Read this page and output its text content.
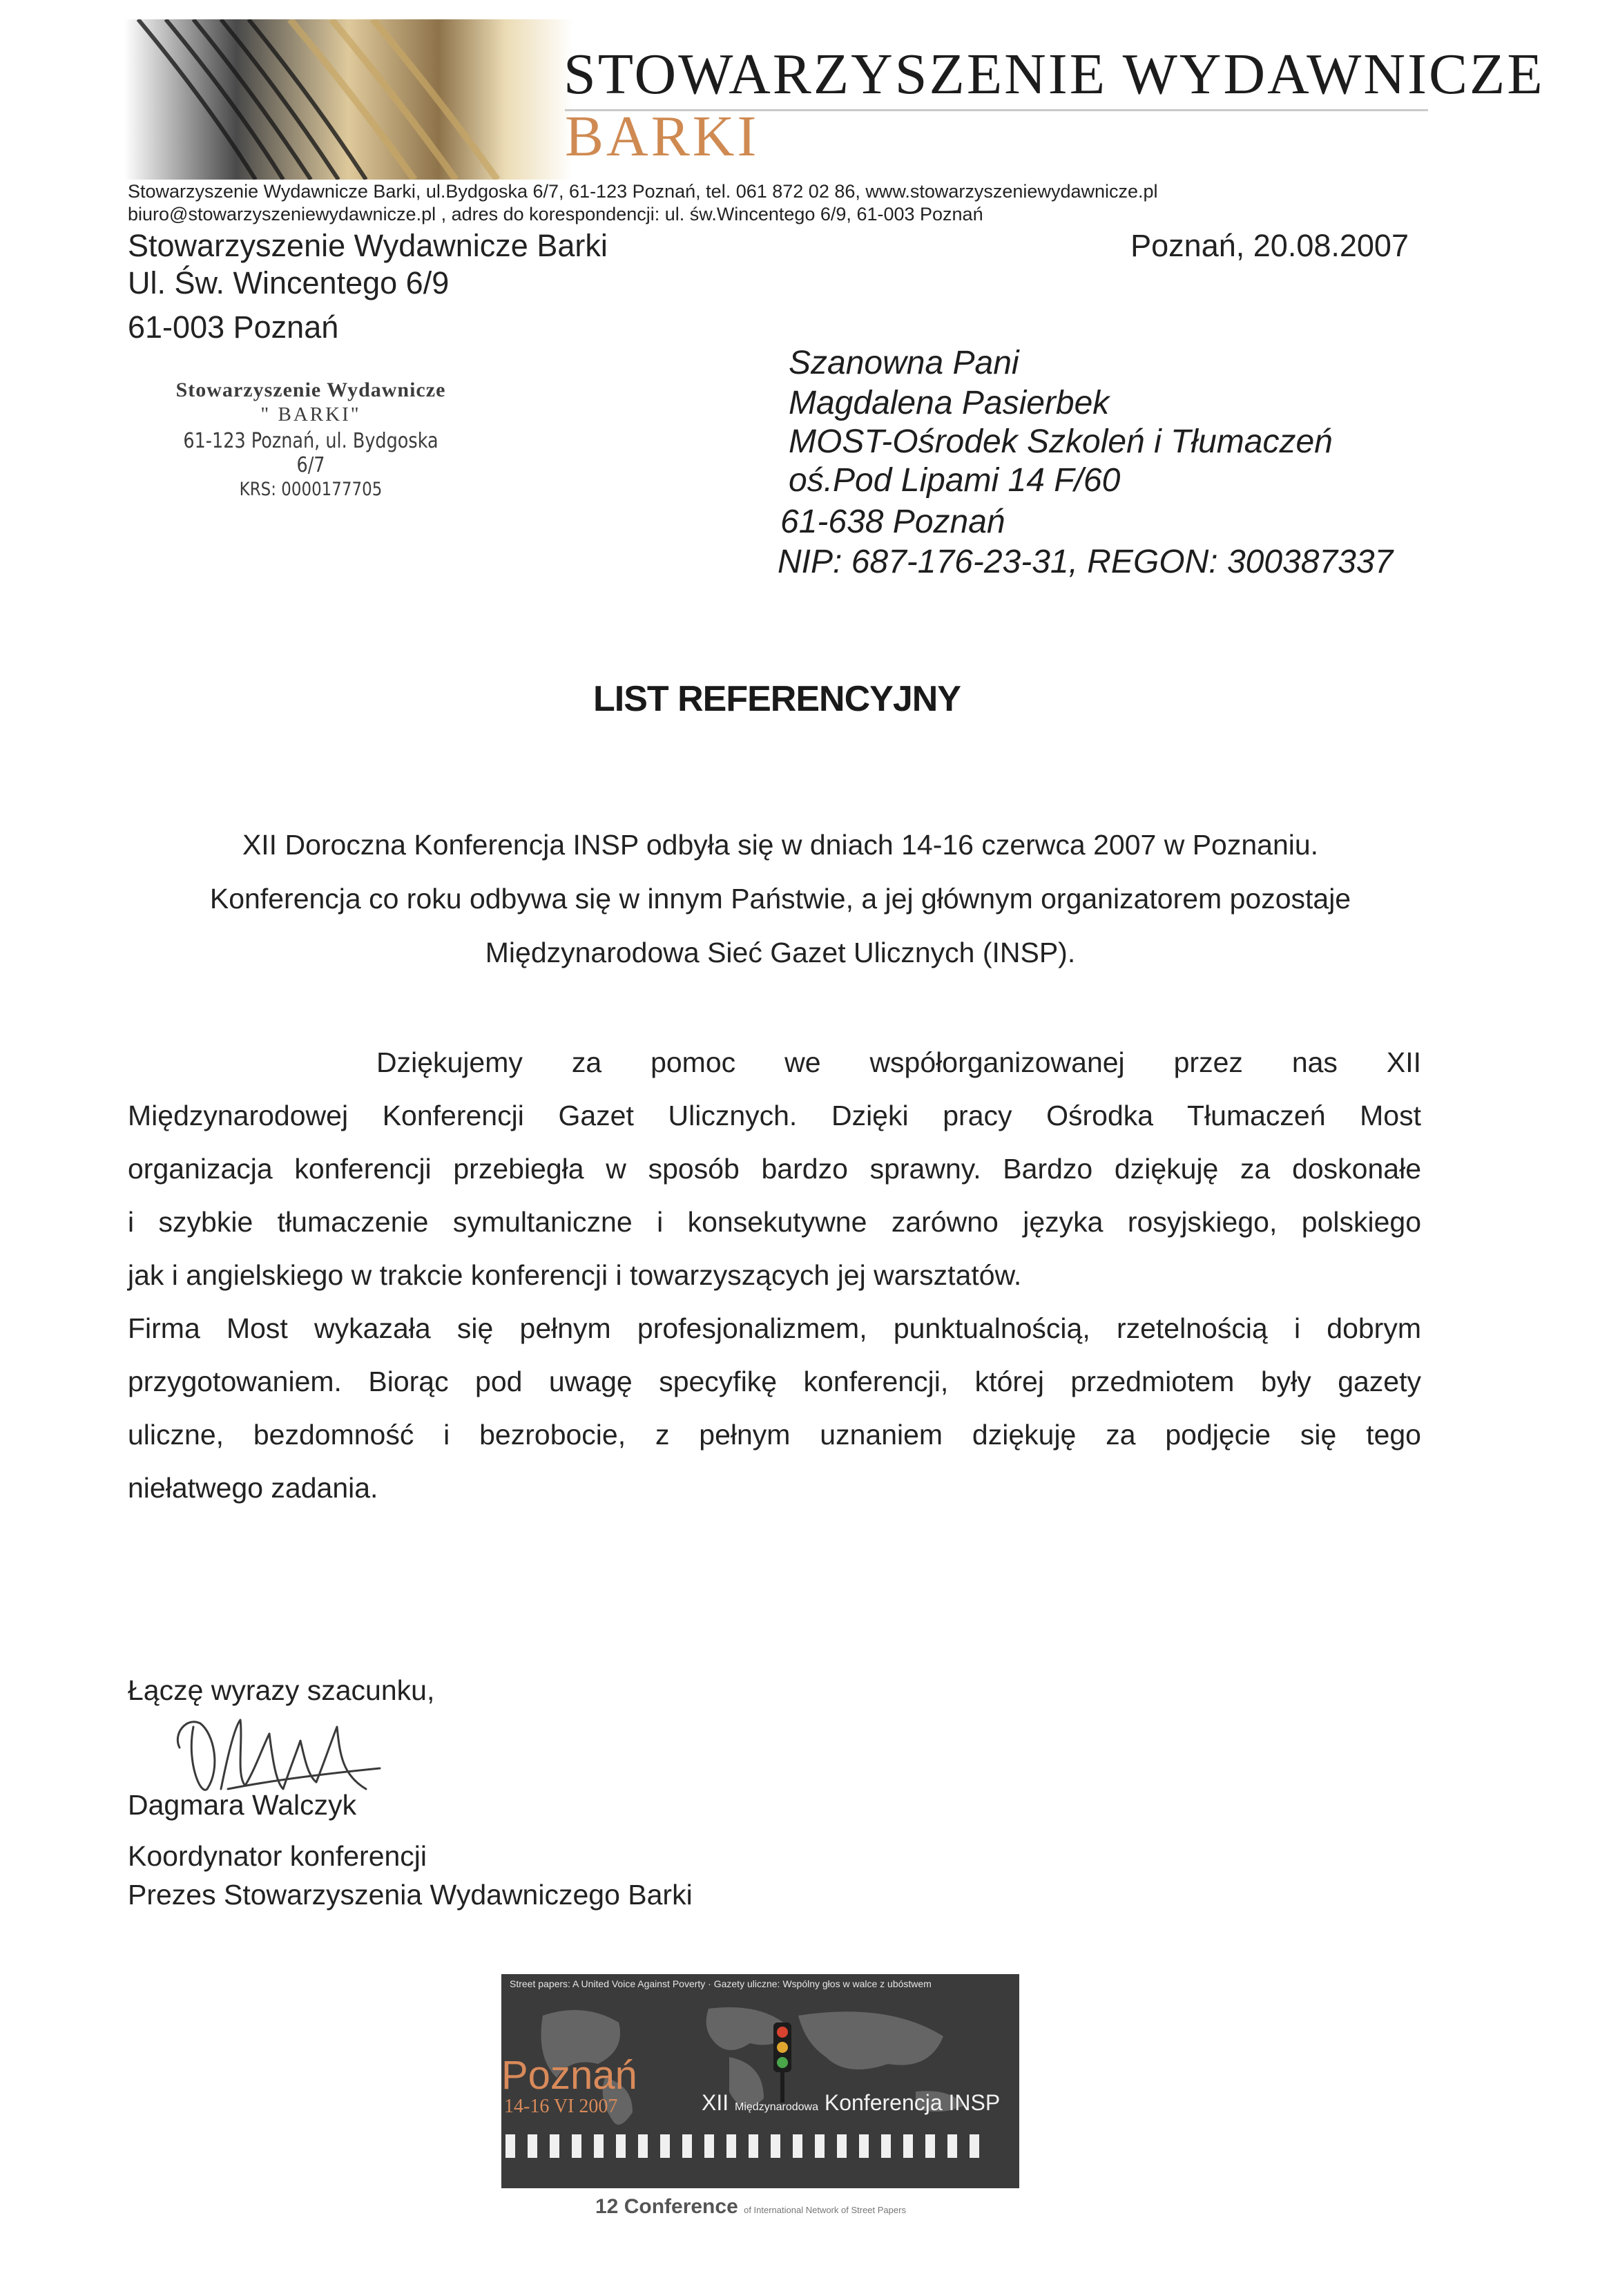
STOWARZYSZENIE WYDAWNICZE
BARKI
Stowarzyszenie Wydawnicze Barki, ul.Bydgoska 6/7, 61-123 Poznań, tel. 061 872 02 86, www.stowarzyszeniewydawnicze.pl
biuro@stowarzyszeniewydawnicze.pl , adres do korespondencji: ul. św.Wincentego 6/9, 61-003 Poznań
Stowarzyszenie Wydawnicze Barki
Ul. Św. Wincentego 6/9
61-003 Poznań
Poznań, 20.08.2007
Stowarzyszenie Wydawnicze
" BARKI"
61-123 Poznań, ul. Bydgoska 6/7
KRS: 0000177705
Szanowna Pani
Magdalena Pasierbek
MOST-Ośrodek Szkoleń i Tłumaczeń
oś.Pod Lipami 14 F/60
61-638 Poznań
NIP: 687-176-23-31, REGON: 300387337
LIST REFERENCYJNY
XII Doroczna Konferencja INSP odbyła się w dniach 14-16 czerwca 2007 w Poznaniu.
Konferencja co roku odbywa się w innym Państwie, a jej głównym organizatorem pozostaje
Międzynarodowa Sieć Gazet Ulicznych (INSP).
Dziękujemy za pomoc we współorganizowanej przez nas XII
Międzynarodowej Konferencji Gazet Ulicznych. Dzięki pracy Ośrodka Tłumaczeń Most
organizacja konferencji przebiegła w sposób bardzo sprawny. Bardzo dziękuję za doskonałe
i szybkie tłumaczenie symultaniczne i konsekutywne zarówno języka rosyjskiego, polskiego
jak i angielskiego w trakcie konferencji i towarzyszących jej warsztatów.
Firma Most wykazała się pełnym profesjonalizmem, punktualnością, rzetelnością i dobrym
przygotowaniem. Biorąc pod uwagę specyfikę konferencji, której przedmiotem były gazety
uliczne, bezdomność i bezrobocie, z pełnym uznaniem dziękuję za podjęcie się tego
niełatwego zadania.
Łączę wyrazy szacunku,
Dagmara Walczyk
Koordynator konferencji
Prezes Stowarzyszenia Wydawniczego Barki
Street papers: A United Voice Against Poverty · Gazety uliczne: Wspólny głos w walce z ubóstwem
Poznań
14-16 VI 2007	XII Międzynarodowa Konferencja INSP
12 Conference of International Network of Street Papers
